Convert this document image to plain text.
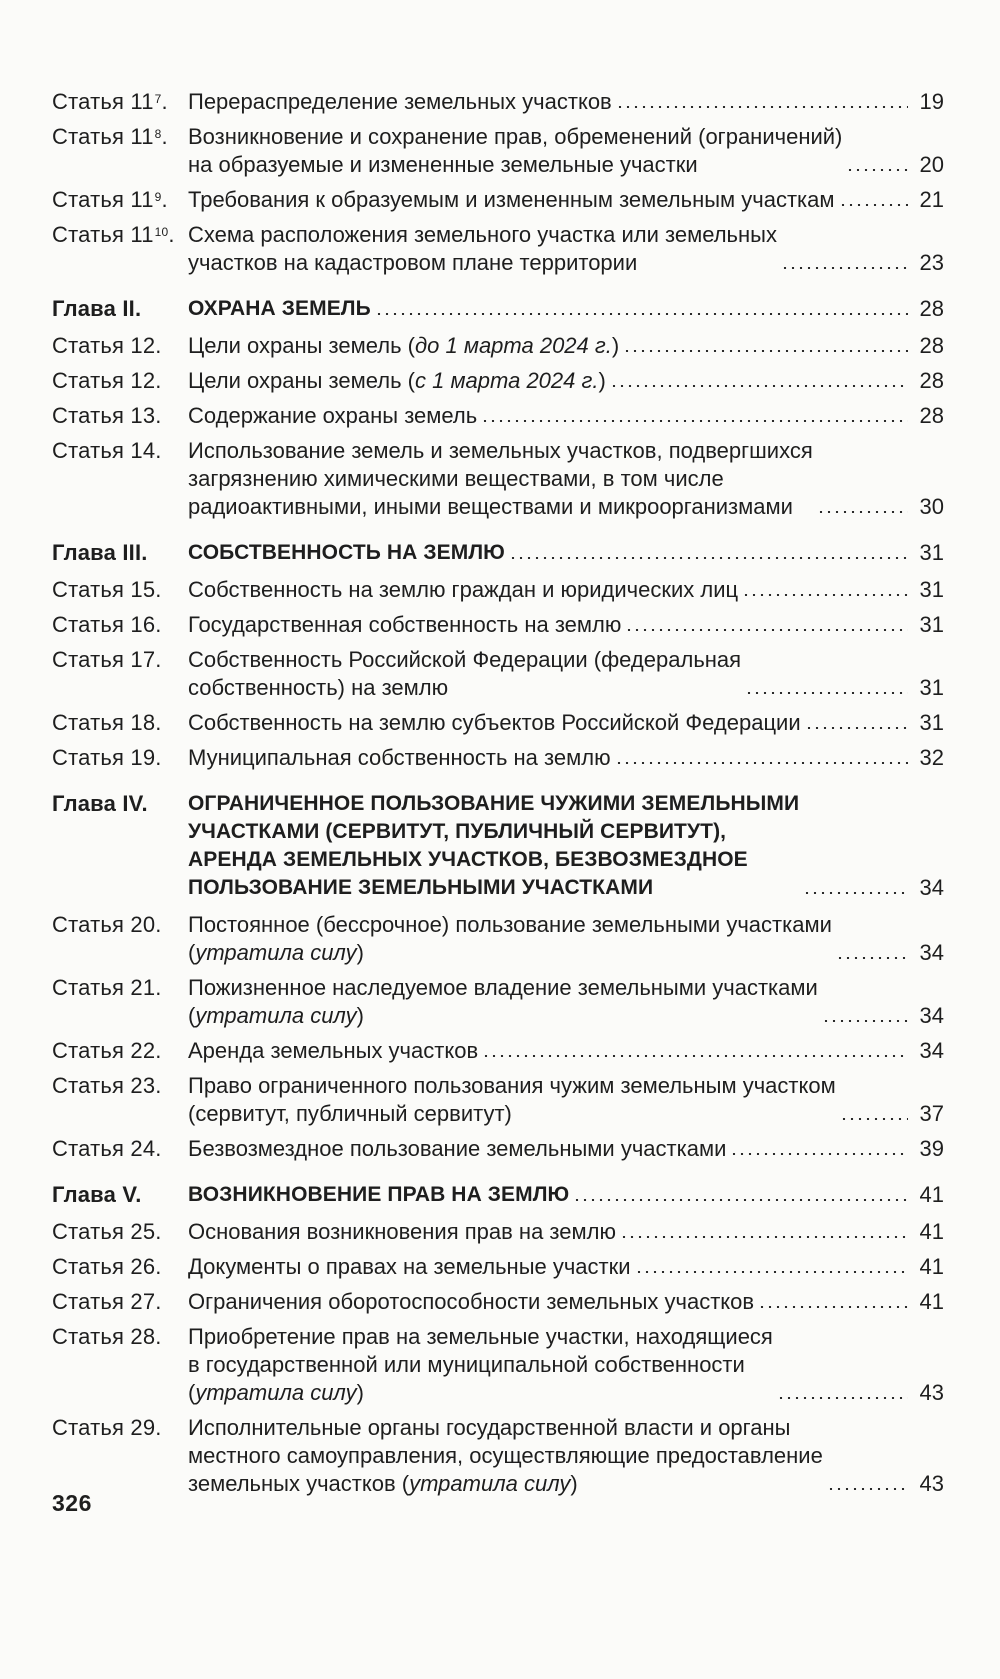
Статья $11^7$. Перераспределение земельных участков	19
Статья $11^8$. Возникновение и сохранение прав, обременений (ограничений)
на образуемые и измененные земельные участки	20
Статья $11^9$. Требования к образуемым и измененным земельным участкам	21
Статья $11^{10}$. Схема расположения земельного участка или земельных
участков на кадастровом плане территории	23
Глава II.	ОХРАНА ЗЕМЕЛЬ	28
Статья 12.	Цели охраны земель (до 1 марта 2024 г.)	28
Статья 12.	Цели охраны земель (с 1 марта 2024 г.)	28
Статья 13.	Содержание охраны земель	28
Статья 14.	Использование земель и земельных участков, подвергшихся
загрязнению химическими веществами, в том числе
радиоактивными, иными веществами и микроорганизмами	30
Глава III.	СОБСТВЕННОСТЬ НА ЗЕМЛЮ	31
Статья 15.	Собственность на землю граждан и юридических лиц	31
Статья 16.	Государственная собственность на землю	31
Статья 17.	Собственность Российской Федерации (федеральная
собственность) на землю	31
Статья 18.	Собственность на землю субъектов Российской Федерации	31
Статья 19.	Муниципальная собственность на землю	32
Глава IV.	ОГРАНИЧЕННОЕ ПОЛЬЗОВАНИЕ ЧУЖИМИ ЗЕМЕЛЬНЫМИ
УЧАСТКАМИ (СЕРВИТУТ, ПУБЛИЧНЫЙ СЕРВИТУТ),
АРЕНДА ЗЕМЕЛЬНЫХ УЧАСТКОВ, БЕЗВОЗМЕЗДНОЕ
ПОЛЬЗОВАНИЕ ЗЕМЕЛЬНЫМИ УЧАСТКАМИ	34
Статья 20.	Постоянное (бессрочное) пользование земельными участками
(утратила силу)	34
Статья 21.	Пожизненное наследуемое владение земельными участками
(утратила силу)	34
Статья 22.	Аренда земельных участков	34
Статья 23.	Право ограниченного пользования чужим земельным участком
(сервитут, публичный сервитут)	37
Статья 24.	Безвозмездное пользование земельными участками	39
Глава V.	ВОЗНИКНОВЕНИЕ ПРАВ НА ЗЕМЛЮ	41
Статья 25.	Основания возникновения прав на землю	41
Статья 26.	Документы о правах на земельные участки	41
Статья 27.	Ограничения оборотоспособности земельных участков	41
Статья 28.	Приобретение прав на земельные участки, находящиеся
в государственной или муниципальной собственности
(утратила силу)	43
Статья 29.	Исполнительные органы государственной власти и органы
местного самоуправления, осуществляющие предоставление
земельных участков (утратила силу)	43
326
